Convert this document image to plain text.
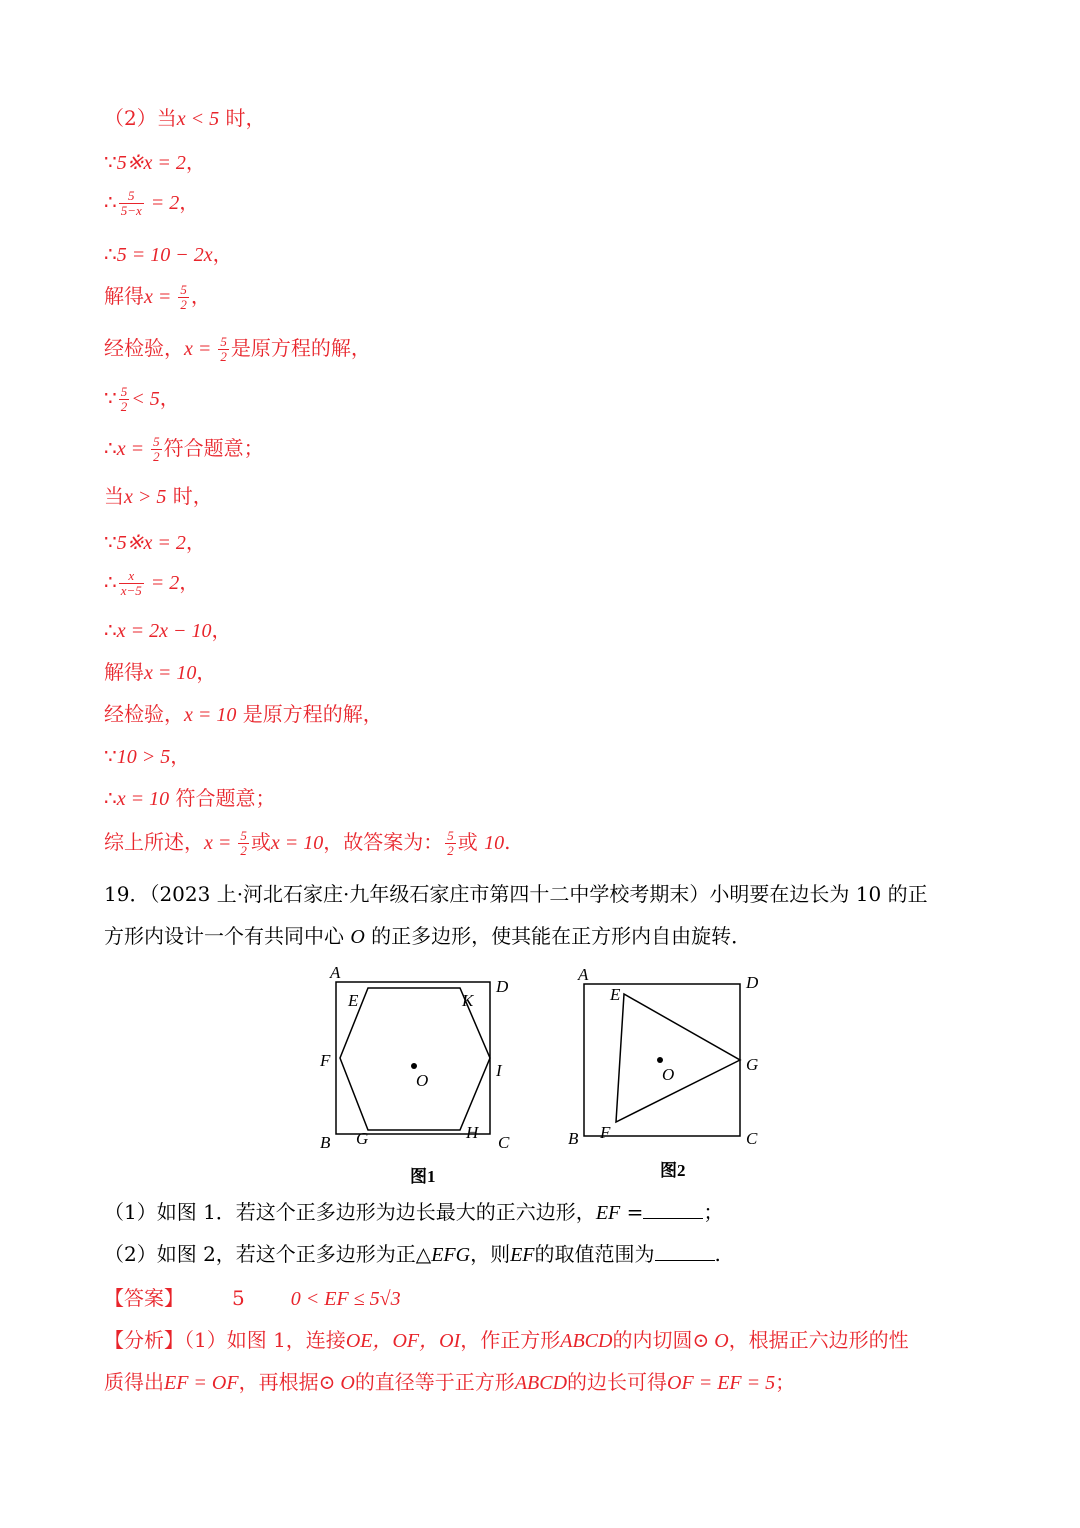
（2）当x < 5 时，
∵5※x = 2，
∴ $\frac{5}{5-x} = 2$，
∴5 = 10 − 2x，
解得$x = \frac{5}{2}$ ，
经检验，$x = \frac{5}{2}$ 是原方程的解，
∵ $\frac{5}{2} < 5$，
∴x = $\frac{5}{2}$ 符合题意；
当x > 5 时，
∵5※x = 2，
∴ $\frac{x}{x-5} = 2$，
∴x = 2x − 10，
解得x = 10，
经检验，x = 10 是原方程的解，
∵10 > 5，
∴x = 10 符合题意；
综上所述，$x = \frac{5}{2}$ 或x = 10，故答案为： $\frac{5}{2}$ 或 10.
19．（2023 上·河北石家庄·九年级石家庄市第四十二中学校考期末）小明要在边长为 10 的正
方形内设计一个有共同中心 O 的正多边形，使其能在正方形内自由旋转．
A
D
B	C
E	K
F
I
G	H
O
图1
A	D
B	C
E
F
G
O
图2
（1）如图 1．若这个正多边形为边长最大的正六边形，EF =	；
（2）如图 2，若这个正多边形为正△EFG，则EF的取值范围为	.
【答案】 5 0 < EF ≤ 5√3
【分析】（1）如图 1，连接OE，OF，OI，作正方形ABCD的内切圆⊙ O，根据正六边形的性
质得出EF = OF，再根据⊙ O的直径等于正方形ABCD的边长可得OF = EF = 5；
